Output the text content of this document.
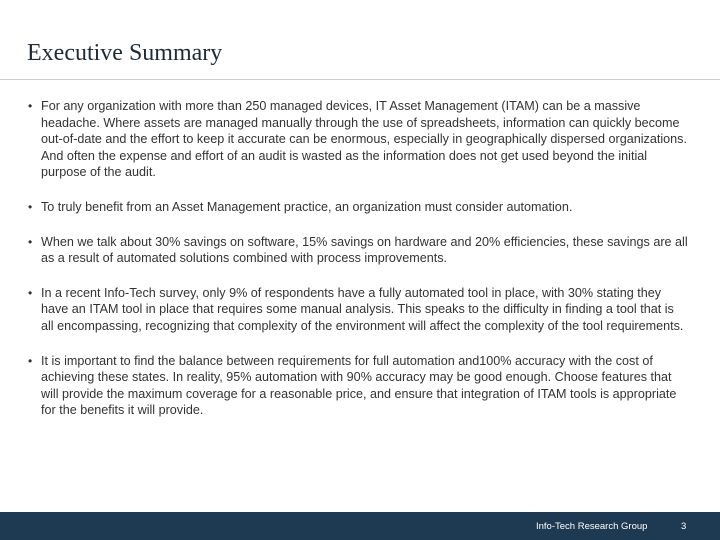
Executive Summary
• For any organization with more than 250 managed devices, IT Asset Management (ITAM) can be a massive headache. Where assets are managed manually through the use of spreadsheets, information can quickly become out-of-date and the effort to keep it accurate can be enormous, especially in geographically dispersed organizations. And often the expense and effort of an audit is wasted as the information does not get used beyond the initial purpose of the audit.
• To truly benefit from an Asset Management practice, an organization must consider automation.
• When we talk about 30% savings on software, 15% savings on hardware and 20% efficiencies, these savings are all as a result of automated solutions combined with process improvements.
• In a recent Info-Tech survey, only 9% of respondents have a fully automated tool in place, with 30% stating they have an ITAM tool in place that requires some manual analysis. This speaks to the difficulty in finding a tool that is all encompassing, recognizing that complexity of the environment will affect the complexity of the tool requirements.
• It is important to find the balance between requirements for full automation and100% accuracy with the cost of achieving these states. In reality, 95% automation with 90% accuracy may be good enough. Choose features that will provide the maximum coverage for a reasonable price, and ensure that integration of ITAM tools is appropriate for the benefits it will provide.
Info-Tech Research Group	3
